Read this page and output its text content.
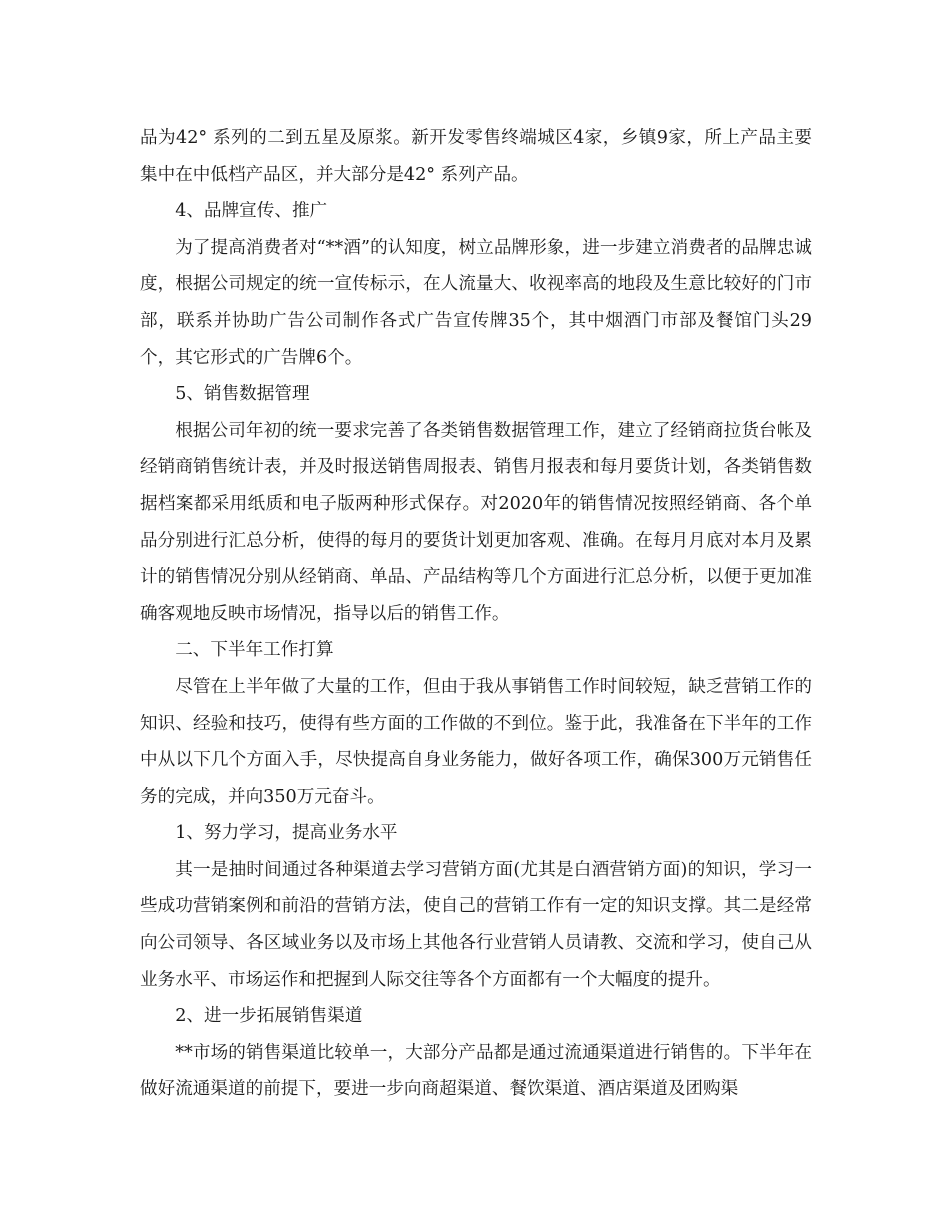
品为42° 系列的二到五星及原浆。新开发零售终端城区4家，乡镇9家，所上产品主要集中在中低档产品区，并大部分是42° 系列产品。

4、品牌宣传、推广

为了提高消费者对“**酒”的认知度，树立品牌形象，进一步建立消费者的品牌忠诚度，根据公司规定的统一宣传标示，在人流量大、收视率高的地段及生意比较好的门市部，联系并协助广告公司制作各式广告宣传牌35个，其中烟酒门市部及餐馆门头29个，其它形式的广告牌6个。

5、销售数据管理

根据公司年初的统一要求完善了各类销售数据管理工作，建立了经销商拉货台帐及经销商销售统计表，并及时报送销售周报表、销售月报表和每月要货计划，各类销售数据档案都采用纸质和电子版两种形式保存。对2020年的销售情况按照经销商、各个单品分别进行汇总分析，使得的每月的要货计划更加客观、准确。在每月月底对本月及累计的销售情况分别从经销商、单品、产品结构等几个方面进行汇总分析，以便于更加准确客观地反映市场情况，指导以后的销售工作。

二、下半年工作打算

尽管在上半年做了大量的工作，但由于我从事销售工作时间较短，缺乏营销工作的知识、经验和技巧，使得有些方面的工作做的不到位。鉴于此，我准备在下半年的工作中从以下几个方面入手，尽快提高自身业务能力，做好各项工作，确保300万元销售任务的完成，并向350万元奋斗。

1、努力学习，提高业务水平

其一是抽时间通过各种渠道去学习营销方面(尤其是白酒营销方面)的知识，学习一些成功营销案例和前沿的营销方法，使自己的营销工作有一定的知识支撑。其二是经常向公司领导、各区域业务以及市场上其他各行业营销人员请教、交流和学习，使自己从业务水平、市场运作和把握到人际交往等各个方面都有一个大幅度的提升。

2、进一步拓展销售渠道

**市场的销售渠道比较单一，大部分产品都是通过流通渠道进行销售的。下半年在做好流通渠道的前提下，要进一步向商超渠道、餐饮渠道、酒店渠道及团购渠
